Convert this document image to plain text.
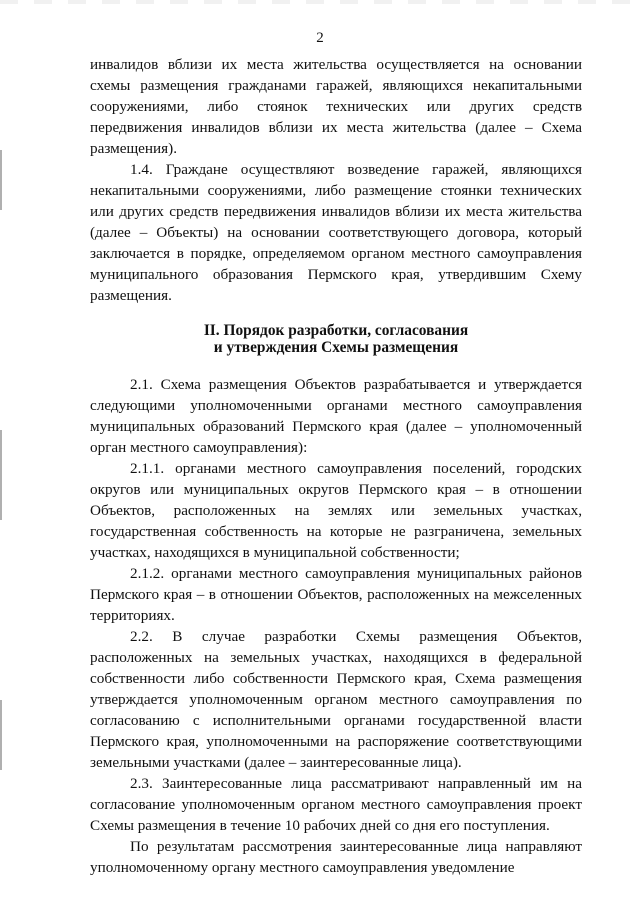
2

инвалидов вблизи их места жительства осуществляется на основании схемы размещения гражданами гаражей, являющихся некапитальными сооружениями, либо стоянок технических или других средств передвижения инвалидов вблизи их места жительства (далее – Схема размещения).

1.4. Граждане осуществляют возведение гаражей, являющихся некапитальными сооружениями, либо размещение стоянки технических или других средств передвижения инвалидов вблизи их места жительства (далее – Объекты) на основании соответствующего договора, который заключается в порядке, определяемом органом местного самоуправления муниципального образования Пермского края, утвердившим Схему размещения.

II. Порядок разработки, согласования
и утверждения Схемы размещения

2.1. Схема размещения Объектов разрабатывается и утверждается следующими уполномоченными органами местного самоуправления муниципальных образований Пермского края (далее – уполномоченный орган местного самоуправления):

2.1.1. органами местного самоуправления поселений, городских округов или муниципальных округов Пермского края – в отношении Объектов, расположенных на землях или земельных участках, государственная собственность на которые не разграничена, земельных участках, находящихся в муниципальной собственности;

2.1.2. органами местного самоуправления муниципальных районов Пермского края – в отношении Объектов, расположенных на межселенных территориях.

2.2. В случае разработки Схемы размещения Объектов, расположенных на земельных участках, находящихся в федеральной собственности либо собственности Пермского края, Схема размещения утверждается уполномоченным органом местного самоуправления по согласованию с исполнительными органами государственной власти Пермского края, уполномоченными на распоряжение соответствующими земельными участками (далее – заинтересованные лица).

2.3. Заинтересованные лица рассматривают направленный им на согласование уполномоченным органом местного самоуправления проект Схемы размещения в течение 10 рабочих дней со дня его поступления.

По результатам рассмотрения заинтересованные лица направляют уполномоченному органу местного самоуправления уведомление
